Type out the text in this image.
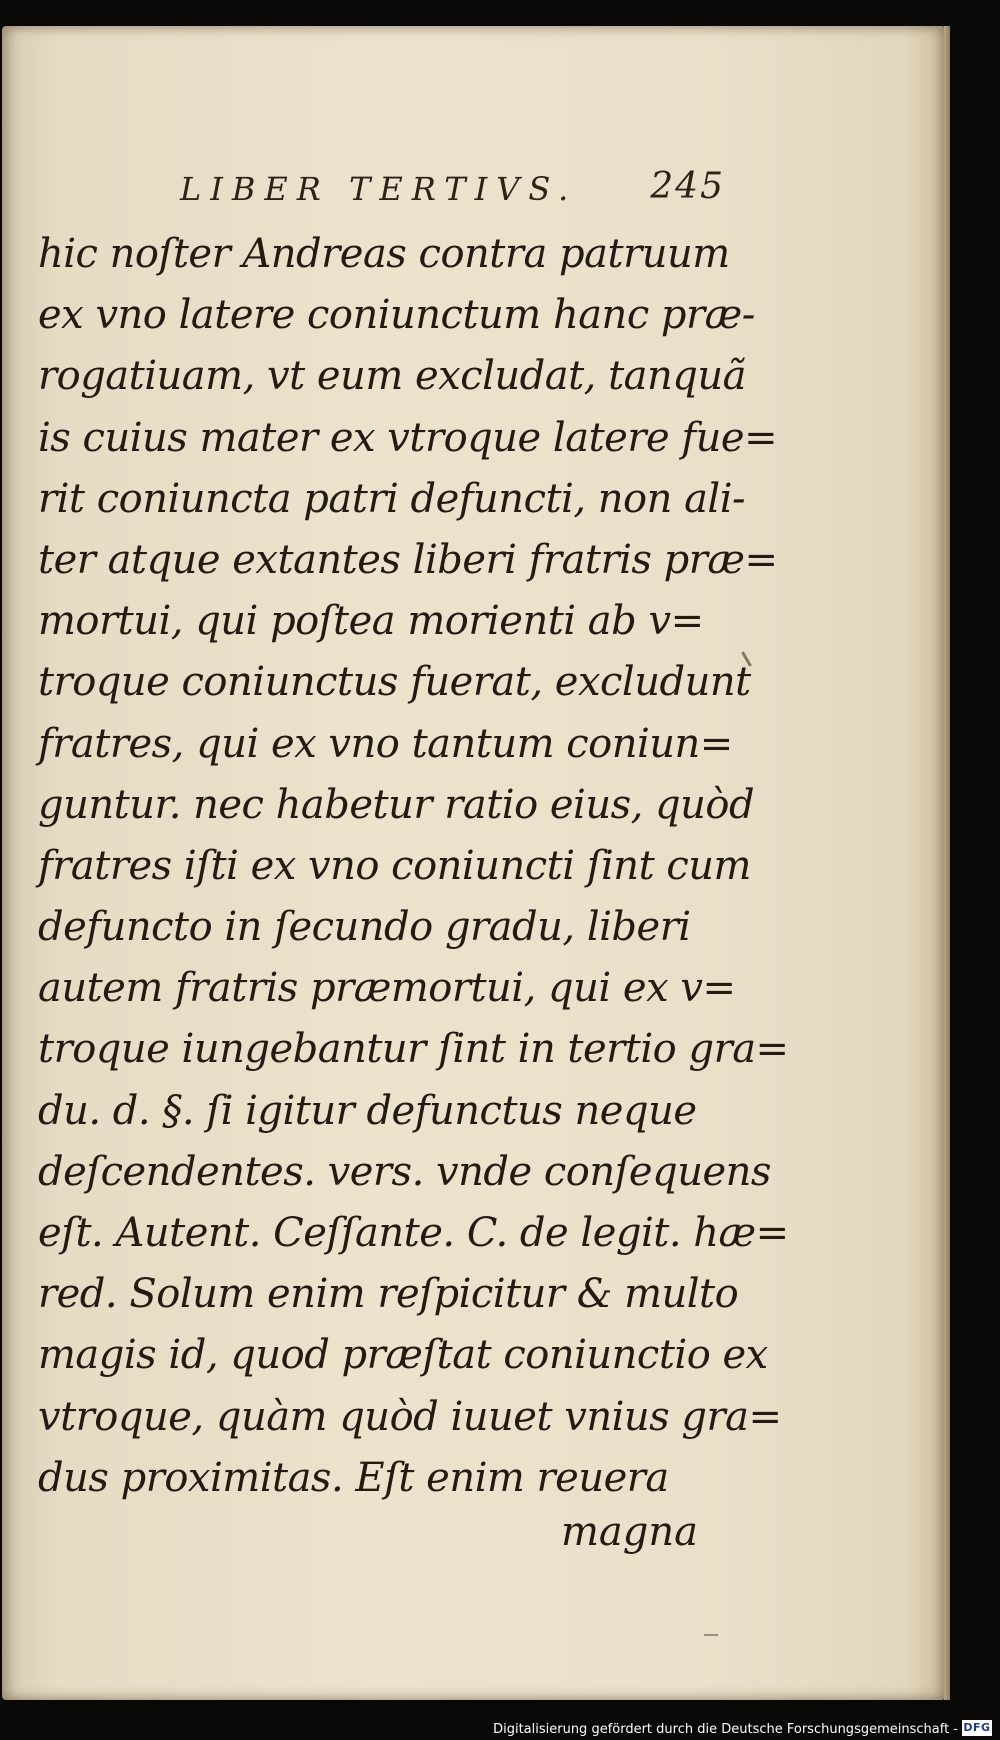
LIBER TERTIVS. 245
hic noſter Andreas contra patruum
ex vno latere coniunctum hanc præ-
rogatiuam, vt eum excludat, tanquã
is cuius mater ex vtroque latere fue=
rit coniuncta patri defuncti, non ali-
ter atque extantes liberi fratris præ=
mortui, qui poſtea morienti ab v=
troque coniunctus fuerat, excludunt
fratres, qui ex vno tantum coniun=
guntur. nec habetur ratio eius, quòd
fratres iſti ex vno coniuncti ſint cum
defuncto in ſecundo gradu, liberi
autem fratris præmortui, qui ex v=
troque iungebantur ſint in tertio gra=
du. d. §. ſi igitur defunctus neque
deſcendentes. vers. vnde conſequens
eſt. Autent. Ceſſante. C. de legit. hæ=
red. Solum enim reſpicitur & multo
magis id, quod præſtat coniunctio ex
vtroque, quàm quòd iuuet vnius gra=
dus proximitas. Eſt enim reuera
magna
Digitalisierung gefördert durch die Deutsche Forschungsgemeinschaft - DFG
